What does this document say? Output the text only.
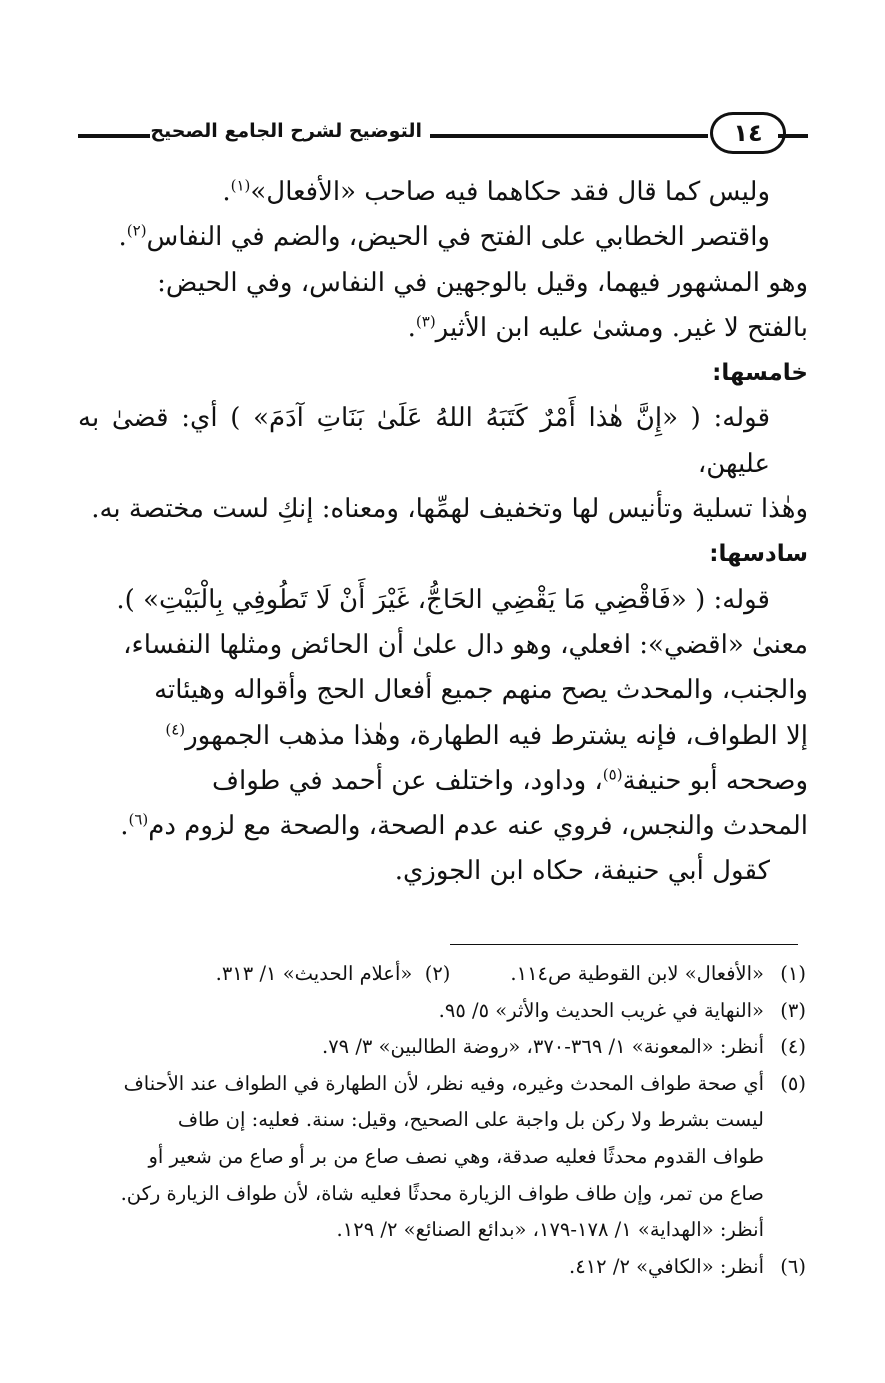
التوضيح لشرح الجامع الصحيح	١٤

وليس كما قال فقد حكاهما فيه صاحب «الأفعال»$^{(١)}$.

واقتصر الخطابي على الفتح في الحيض، والضم في النفاس$^{(٢)}$.

وهو المشهور فيهما، وقيل بالوجهين في النفاس، وفي الحيض:

بالفتح لا غير. ومشىٰ عليه ابن الأثير$^{(٣)}$.

خامسها:

قوله: ( «إِنَّ هٰذا أَمْرٌ كَتَبَهُ اللهُ عَلَىٰ بَنَاتِ آدَمَ» ) أي: قضىٰ به عليهن،

وهٰذا تسلية وتأنيس لها وتخفيف لهمِّها، ومعناه: إنكِ لست مختصة به.

سادسها:

قوله: ( «فَاقْضِي مَا يَقْضِي الحَاجُّ، غَيْرَ أَنْ لَا تَطُوفِي بِالْبَيْتِ» ).

معنىٰ «اقضي»: افعلي، وهو دال علىٰ أن الحائض ومثلها النفساء،

والجنب، والمحدث يصح منهم جميع أفعال الحج وأقواله وهيئاته

إلا الطواف، فإنه يشترط فيه الطهارة، وهٰذا مذهب الجمهور$^{(٤)}$

وصححه أبو حنيفة$^{(٥)}$، وداود، واختلف عن أحمد في طواف

المحدث والنجس، فروي عنه عدم الصحة، والصحة مع لزوم دم$^{(٦)}$.

كقول أبي حنيفة، حكاه ابن الجوزي.

(١)
«الأفعال» لابن القوطية ص١١٤.(٢)  «أعلام الحديث» ١/ ٣١٣.
(٣)
«النهاية في غريب الحديث والأثر» ٥/ ٩٥.
(٤)
أنظر: «المعونة» ١/ ٣٦٩-٣٧٠، «روضة الطالبين» ٣/ ٧٩.
(٥)
أي صحة طواف المحدث وغيره، وفيه نظر، لأن الطهارة في الطواف عند الأحناف
ليست بشرط ولا ركن بل واجبة على الصحيح، وقيل: سنة. فعليه: إن طاف
طواف القدوم محدثًا فعليه صدقة، وهي نصف صاع من بر أو صاع من شعير أو
صاع من تمر، وإن طاف طواف الزيارة محدثًا فعليه شاة، لأن طواف الزيارة ركن.
أنظر: «الهداية» ١/ ١٧٨-١٧٩، «بدائع الصنائع» ٢/ ١٢٩.
(٦)
أنظر: «الكافي» ٢/ ٤١٢.
